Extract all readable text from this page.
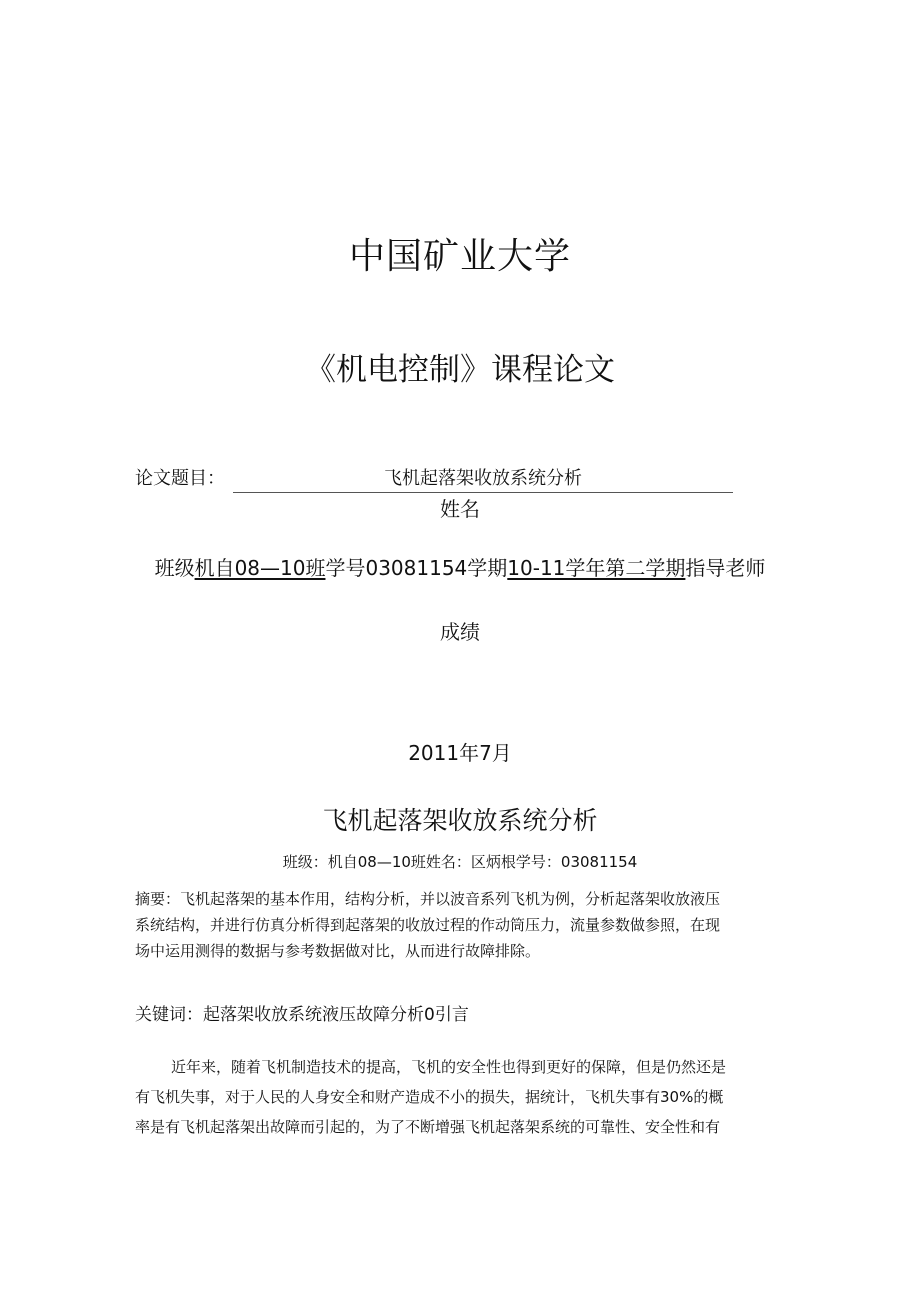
中国矿业大学
《机电控制》课程论文
论文题目：	飞机起落架收放系统分析
姓名
班级机自08—10班学号03081154学期10-11学年第二学期指导老师
成绩
2011年7月
飞机起落架收放系统分析
班级：机自08—10班姓名：区炳根学号：03081154
摘要：飞机起落架的基本作用，结构分析，并以波音系列飞机为例，分析起落架收放液压
系统结构，并进行仿真分析得到起落架的收放过程的作动筒压力，流量参数做参照，在现
场中运用测得的数据与参考数据做对比，从而进行故障排除。
关键词：起落架收放系统液压故障分析0引言
近年来，随着飞机制造技术的提高，飞机的安全性也得到更好的保障，但是仍然还是
有飞机失事，对于人民的人身安全和财产造成不小的损失，据统计，飞机失事有30%的概
率是有飞机起落架出故障而引起的，为了不断增强飞机起落架系统的可靠性、安全性和有
